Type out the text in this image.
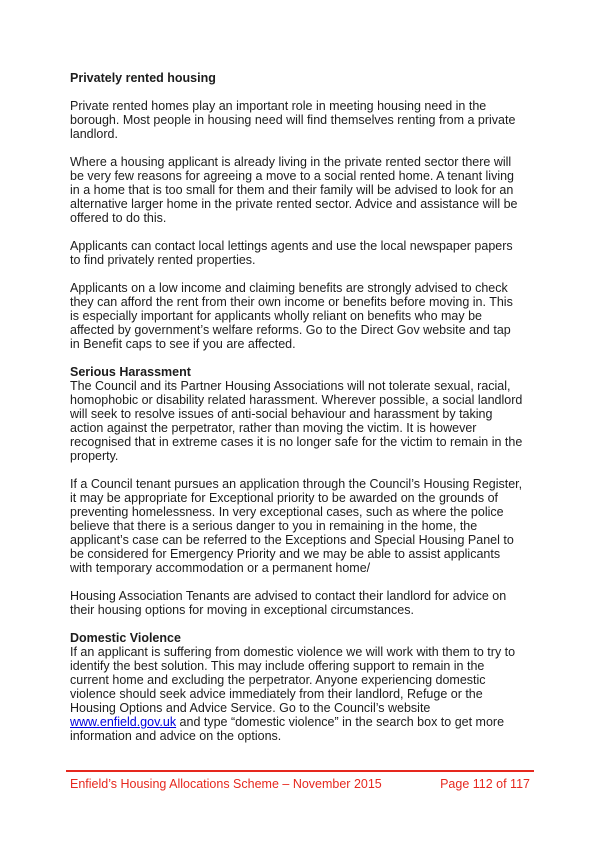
Privately rented housing

Private rented homes play an important role in meeting housing need in the borough. Most people in housing need will find themselves renting from a private landlord.

Where a housing applicant is already living in the private rented sector there will be very few reasons for agreeing a move to a social rented home. A tenant living in a home that is too small for them and their family will be advised to look for an alternative larger home in the private rented sector. Advice and assistance will be offered to do this.

Applicants can contact local lettings agents and use the local newspaper papers to find privately rented properties.

Applicants on a low income and claiming benefits are strongly advised to check they can afford the rent from their own income or benefits before moving in. This is especially important for applicants wholly reliant on benefits who may be affected by government’s welfare reforms. Go to the Direct Gov website and tap in Benefit caps to see if you are affected.

Serious Harassment

The Council and its Partner Housing Associations will not tolerate sexual, racial, homophobic or disability related harassment. Wherever possible, a social landlord will seek to resolve issues of anti-social behaviour and harassment by taking action against the perpetrator, rather than moving the victim. It is however recognised that in extreme cases it is no longer safe for the victim to remain in the property.

If a Council tenant pursues an application through the Council’s Housing Register, it may be appropriate for Exceptional priority to be awarded on the grounds of preventing homelessness. In very exceptional cases, such as where the police believe that there is a serious danger to you in remaining in the home, the applicant’s case can be referred to the Exceptions and Special Housing Panel to be considered for Emergency Priority and we may be able to assist applicants with temporary accommodation or a permanent home/

Housing Association Tenants are advised to contact their landlord for advice on their housing options for moving in exceptional circumstances.

Domestic Violence

If an applicant is suffering from domestic violence we will work with them to try to identify the best solution. This may include offering support to remain in the current home and excluding the perpetrator. Anyone experiencing domestic violence should seek advice immediately from their landlord, Refuge or the Housing Options and Advice Service. Go to the Council’s website www.enfield.gov.uk and type “domestic violence” in the search box to get more information and advice on the options.

Enfield’s Housing Allocations Scheme – November 2015	Page 112 of 117
